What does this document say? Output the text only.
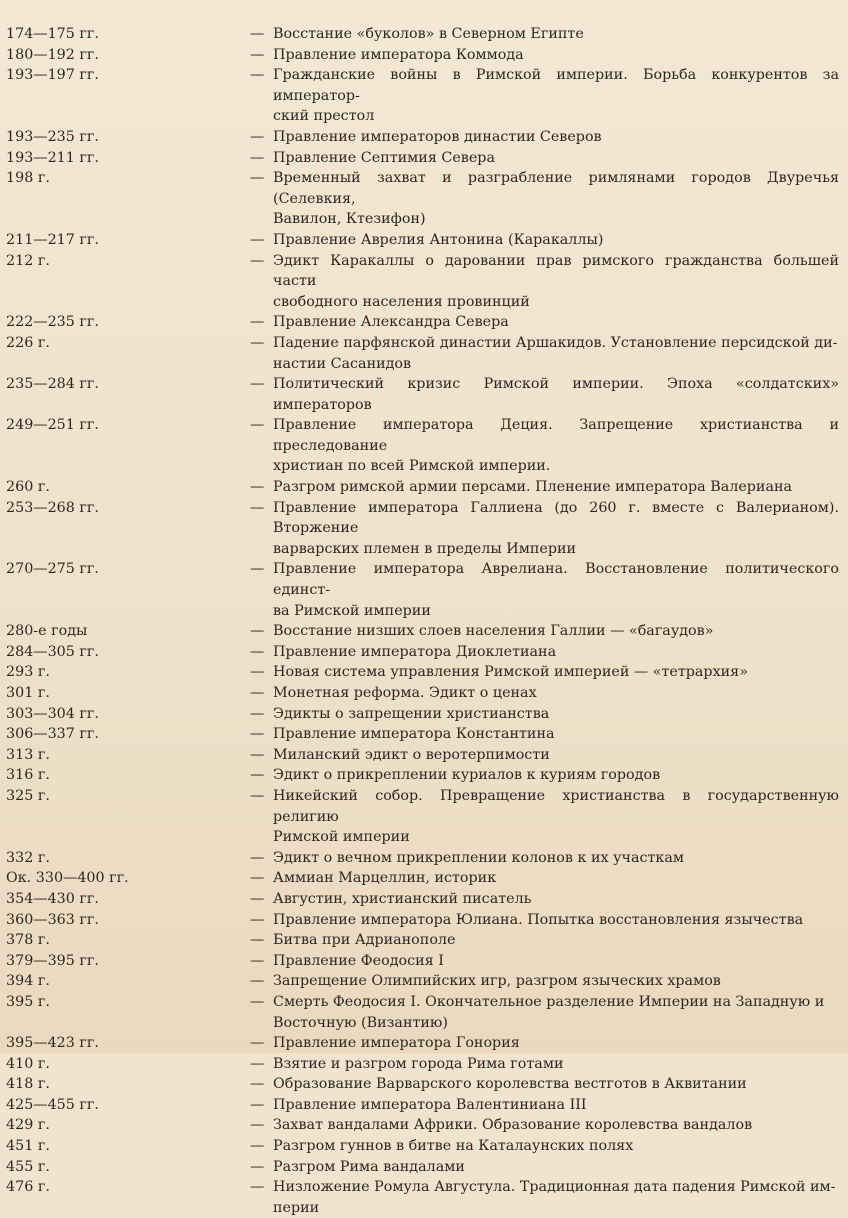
174—175 гг.	— Восстание «буколов» в Северном Египте
180—192 гг.	— Правление императора Коммода
193—197 гг.	— Гражданские войны в Римской империи. Борьба конкурентов за император-
ский престол
193—235 гг.	— Правление императоров династии Северов
193—211 гг.	— Правление Септимия Севера
198 г.	— Временный захват и разграбление римлянами городов Двуречья (Селевкия,
Вавилон, Ктезифон)
211—217 гг.	— Правление Аврелия Антонина (Каракаллы)
212 г.	— Эдикт Каракаллы о даровании прав римского гражданства большей части
свободного населения провинций
222—235 гг.	— Правление Александра Севера
226 г.	— Падение парфянской династии Аршакидов. Установление персидской ди-
настии Сасанидов
235—284 гг.	— Политический кризис Римской империи. Эпоха «солдатских» императоров
249—251 гг.	— Правление императора Деция. Запрещение христианства и преследование
христиан по всей Римской империи.
260 г.	— Разгром римской армии персами. Пленение императора Валериана
253—268 гг.	— Правление императора Галлиена (до 260 г. вместе с Валерианом). Вторжение
варварских племен в пределы Империи
270—275 гг.	— Правление императора Аврелиана. Восстановление политического единст-
ва Римской империи
280-е годы	— Восстание низших слоев населения Галлии — «багаудов»
284—305 гг.	— Правление императора Диоклетиана
293 г.	— Новая система управления Римской империей — «тетрархия»
301 г.	— Монетная реформа. Эдикт о ценах
303—304 гг.	— Эдикты о запрещении христианства
306—337 гг.	— Правление императора Константина
313 г.	— Миланский эдикт о веротерпимости
316 г.	— Эдикт о прикреплении куриалов к куриям городов
325 г.	— Никейский собор. Превращение христианства в государственную религию
Римской империи
332 г.	— Эдикт о вечном прикреплении колонов к их участкам
Ок. 330—400 гг.	— Аммиан Марцеллин, историк
354—430 гг.	— Августин, христианский писатель
360—363 гг.	— Правление императора Юлиана. Попытка восстановления язычества
378 г.	— Битва при Адрианополе
379—395 гг.	— Правление Феодосия I
394 г.	— Запрещение Олимпийских игр, разгром языческих храмов
395 г.	— Смерть Феодосия I. Окончательное разделение Империи на Западную и
Восточную (Византию)
395—423 гг.	— Правление императора Гонория
410 г.	— Взятие и разгром города Рима готами
418 г.	— Образование Варварского королевства вестготов в Аквитании
425—455 гг.	— Правление императора Валентиниана III
429 г.	— Захват вандалами Африки. Образование королевства вандалов
451 г.	— Разгром гуннов в битве на Каталаунских полях
455 г.	— Разгром Рима вандалами
476 г.	— Низложение Ромула Августула. Традиционная дата падения Римской им-
перии
